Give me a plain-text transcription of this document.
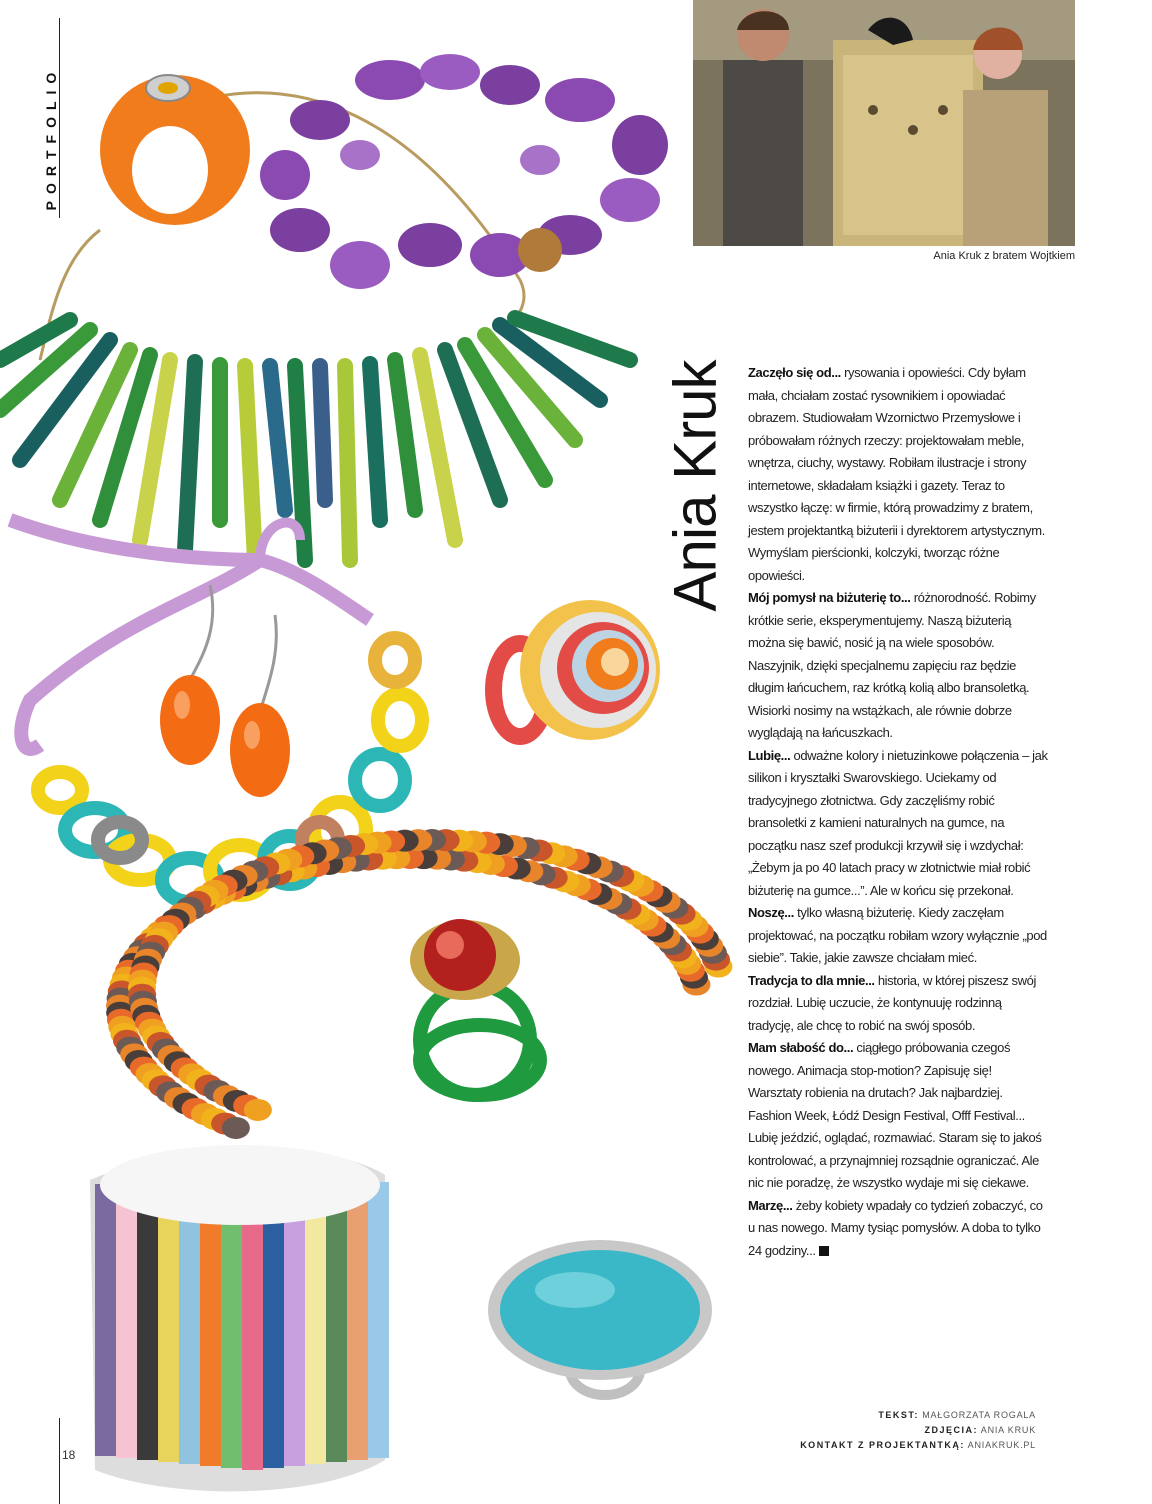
PORTFOLIO
18
Ania Kruk z bratem Wojtkiem
Ania Kruk Zaczęło się od... rysowania i opowieści. Cdy byłam mała, chciałam zostać rysownikiem i opowiadać obrazem. Studiowałam Wzornictwo Przemysłowe i próbowałam różnych rzeczy: projektowałam meble, wnętrza, ciuchy, wystawy. Robiłam ilustracje i strony internetowe, składałam książki i gazety. Teraz to wszystko łączę: w firmie, którą prowadzimy z bratem, jestem projektantką biżuterii i dyrektorem artystycznym. Wymyślam pierścionki, kolczyki, tworząc różne opowieści.

Mój pomysł na biżuterię to... różnorodność. Robimy krótkie serie, eksperymentujemy. Naszą biżuterią można się bawić, nosić ją na wiele sposobów. Naszyjnik, dzięki specjalnemu zapięciu raz będzie długim łańcuchem, raz krótką kolią albo bransoletką. Wisiorki nosimy na wstążkach, ale równie dobrze wyglądają na łańcuszkach.

Lubię... odważne kolory i nietuzinkowe połączenia – jak silikon i kryształki Swarovskiego. Uciekamy od tradycyjnego złotnictwa. Gdy zaczęliśmy robić bransoletki z kamieni naturalnych na gumce, na początku nasz szef produkcji krzywił się i wzdychał: „Żebym ja po 40 latach pracy w złotnictwie miał robić biżuterię na gumce...”. Ale w końcu się przekonał.

Noszę... tylko własną biżuterię. Kiedy zaczęłam projektować, na początku robiłam wzory wyłącznie „pod siebie”. Takie, jakie zawsze chciałam mieć.

Tradycja to dla mnie... historia, w której piszesz swój rozdział. Lubię uczucie, że kontynuuję rodzinną tradycję, ale chcę to robić na swój sposób.

Mam słabość do... ciągłego próbowania czegoś nowego. Animacja stop-motion? Zapisuję się! Warsztaty robienia na drutach? Jak najbardziej. Fashion Week, Łódź Design Festival, Offf Festival... Lubię jeździć, oglądać, rozmawiać. Staram się to jakoś kontrolować, a przynajmniej rozsądnie ograniczać. Ale nic nie poradzę, że wszystko wydaje mi się ciekawe.

Marzę... żeby kobiety wpadały co tydzień zobaczyć, co u nas nowego. Mamy tysiąc pomysłów. A doba to tylko 24 godziny...

TEKST: MAŁGORZATA ROGALA
ZDJĘCIA: ANIA KRUK
KONTAKT Z PROJEKTANTKĄ: ANIAKRUK.PL
